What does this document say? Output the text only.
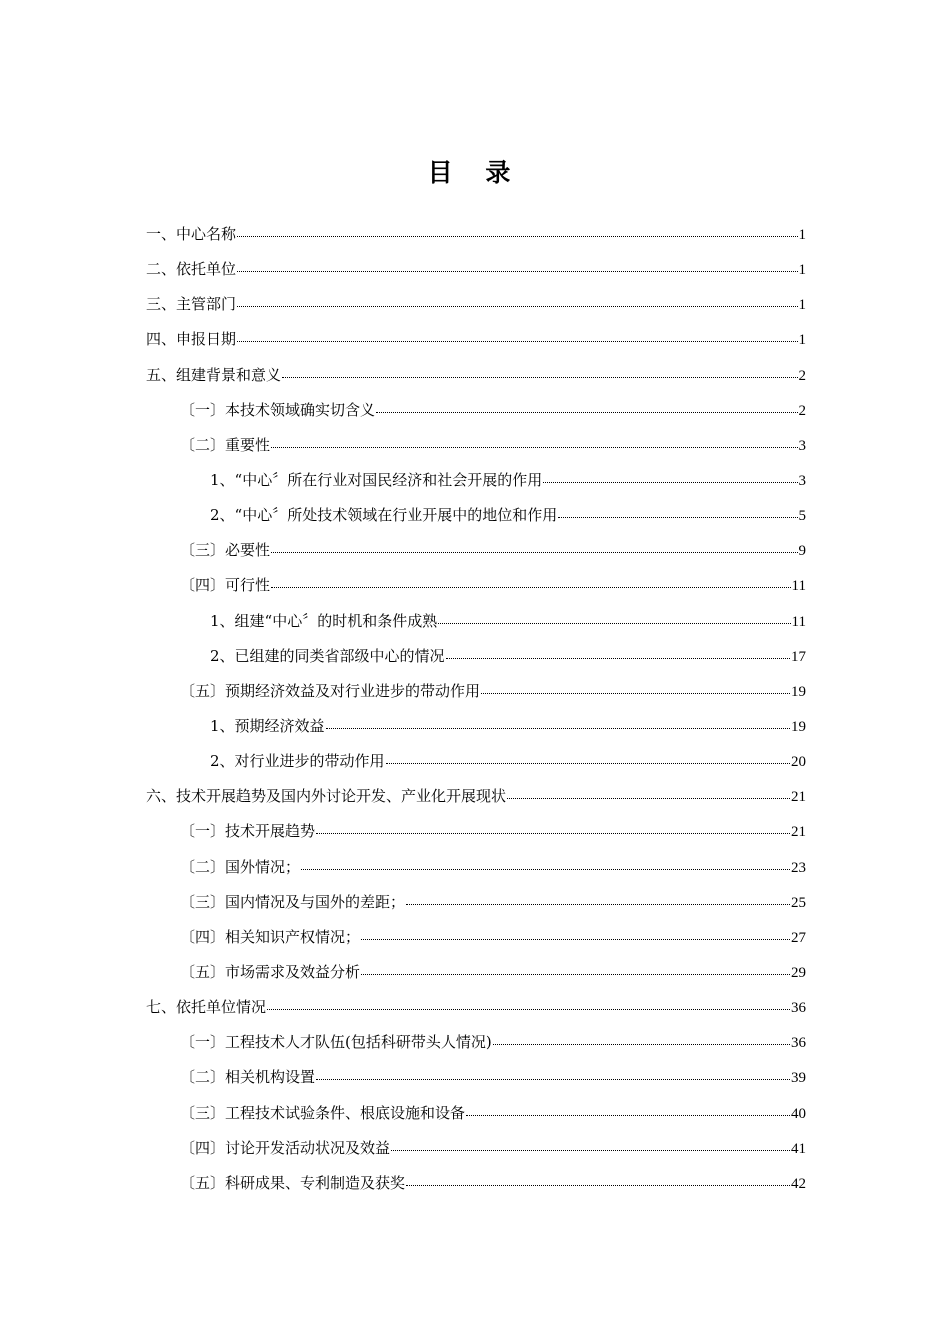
目 录
一、中心名称	1
二、依托单位	1
三、主管部门	1
四、申报日期	1
五、组建背景和意义	2
〔一〕本技术领域确实切含义	2
〔二〕重要性	3
1、“中心〞所在行业对国民经济和社会开展的作用	3
2、“中心〞所处技术领域在行业开展中的地位和作用	5
〔三〕必要性	9
〔四〕可行性	11
1、组建“中心〞的时机和条件成熟	11
2、已组建的同类省部级中心的情况	17
〔五〕预期经济效益及对行业进步的带动作用	19
1、预期经济效益	19
2、对行业进步的带动作用	20
六、技术开展趋势及国内外讨论开发、产业化开展现状	21
〔一〕技术开展趋势	21
〔二〕国外情况；	23
〔三〕国内情况及与国外的差距；	25
〔四〕相关知识产权情况；	27
〔五〕市场需求及效益分析	29
七、依托单位情况	36
〔一〕工程技术人才队伍(包括科研带头人情况)	36
〔二〕相关机构设置	39
〔三〕工程技术试验条件、根底设施和设备	40
〔四〕讨论开发活动状况及效益	41
〔五〕科研成果、专利制造及获奖	42
